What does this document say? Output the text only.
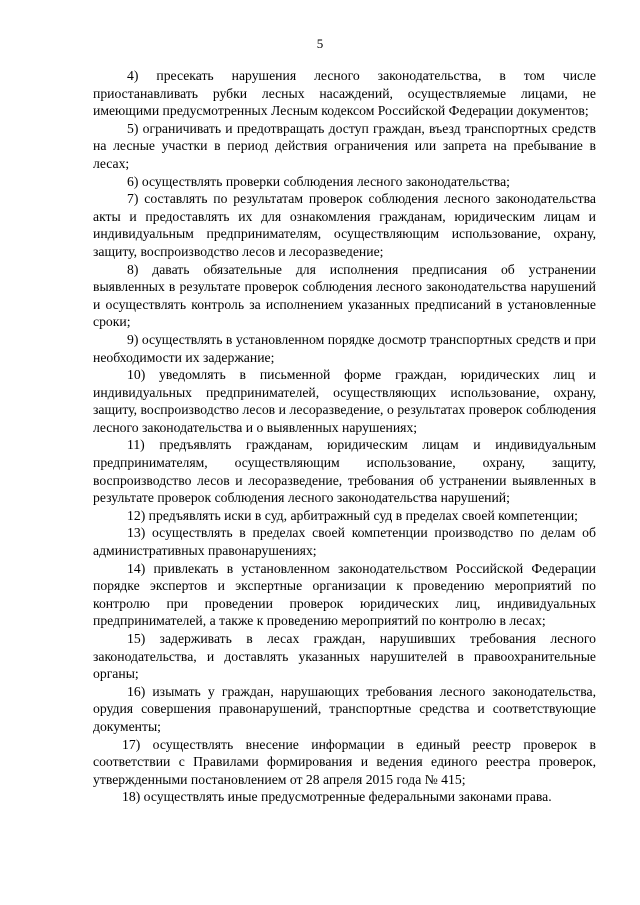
5

4) пресекать нарушения лесного законодательства, в том числе приостанавливать рубки лесных насаждений, осуществляемые лицами, не имеющими предусмотренных Лесным кодексом Российской Федерации документов;

5) ограничивать и предотвращать доступ граждан, въезд транспортных средств на лесные участки в период действия ограничения или запрета на пребывание в лесах;

6) осуществлять проверки соблюдения лесного законодательства;

7) составлять по результатам проверок соблюдения лесного законодательства акты и предоставлять их для ознакомления гражданам, юридическим лицам и индивидуальным предпринимателям, осуществляющим использование, охрану, защиту, воспроизводство лесов и лесоразведение;

8) давать обязательные для исполнения предписания об устранении выявленных в результате проверок соблюдения лесного законодательства нарушений и осуществлять контроль за исполнением указанных предписаний в установленные сроки;

9) осуществлять в установленном порядке досмотр транспортных средств и при необходимости их задержание;

10) уведомлять в письменной форме граждан, юридических лиц и индивидуальных предпринимателей, осуществляющих использование, охрану, защиту, воспроизводство лесов и лесоразведение, о результатах проверок соблюдения лесного законодательства и о выявленных нарушениях;

11) предъявлять гражданам, юридическим лицам и индивидуальным предпринимателям, осуществляющим использование, охрану, защиту, воспроизводство лесов и лесоразведение, требования об устранении выявленных в результате проверок соблюдения лесного законодательства нарушений;

12) предъявлять иски в суд, арбитражный суд в пределах своей компетенции;

13) осуществлять в пределах своей компетенции производство по делам об административных правонарушениях;

14) привлекать в установленном законодательством Российской Федерации порядке экспертов и экспертные организации к проведению мероприятий по контролю при проведении проверок юридических лиц, индивидуальных предпринимателей, а также к проведению мероприятий по контролю в лесах;

15) задерживать в лесах граждан, нарушивших требования лесного законодательства, и доставлять указанных нарушителей в правоохранительные органы;

16) изымать у граждан, нарушающих требования лесного законодательства, орудия совершения правонарушений, транспортные средства и соответствующие документы;

17) осуществлять внесение информации в единый реестр проверок в соответствии с Правилами формирования и ведения единого реестра проверок, утвержденными постановлением от 28 апреля 2015 года № 415;

18) осуществлять иные предусмотренные федеральными законами права.
